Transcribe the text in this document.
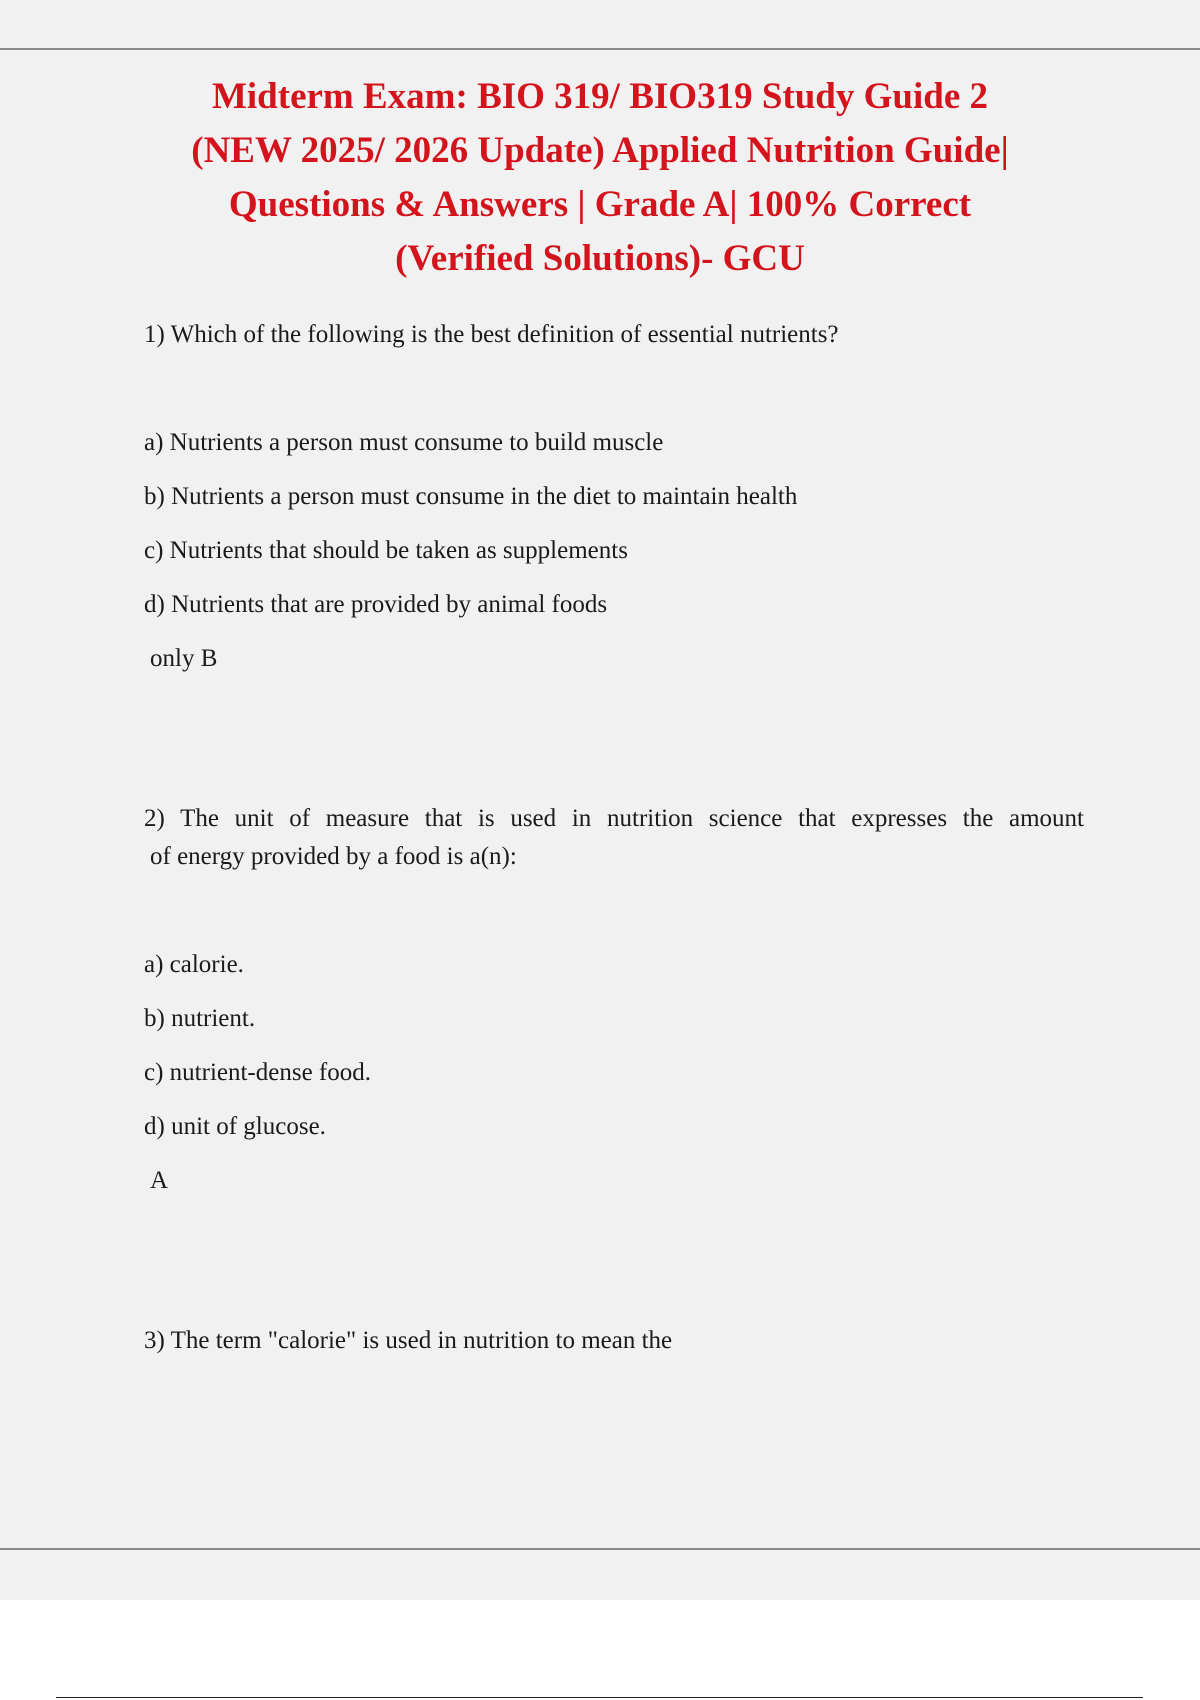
Midterm Exam: BIO 319/ BIO319 Study Guide 2
(NEW 2025/ 2026 Update) Applied Nutrition Guide|
Questions & Answers | Grade A| 100% Correct
(Verified Solutions)- GCU
1) Which of the following is the best definition of essential nutrients?
a) Nutrients a person must consume to build muscle
b) Nutrients a person must consume in the diet to maintain health
c) Nutrients that should be taken as supplements
d) Nutrients that are provided by animal foods
only B
2) The unit of measure that is used in nutrition science that expresses the amount
of energy provided by a food is a(n):
a) calorie.
b) nutrient.
c) nutrient-dense food.
d) unit of glucose.
A
3) The term "calorie" is used in nutrition to mean the
